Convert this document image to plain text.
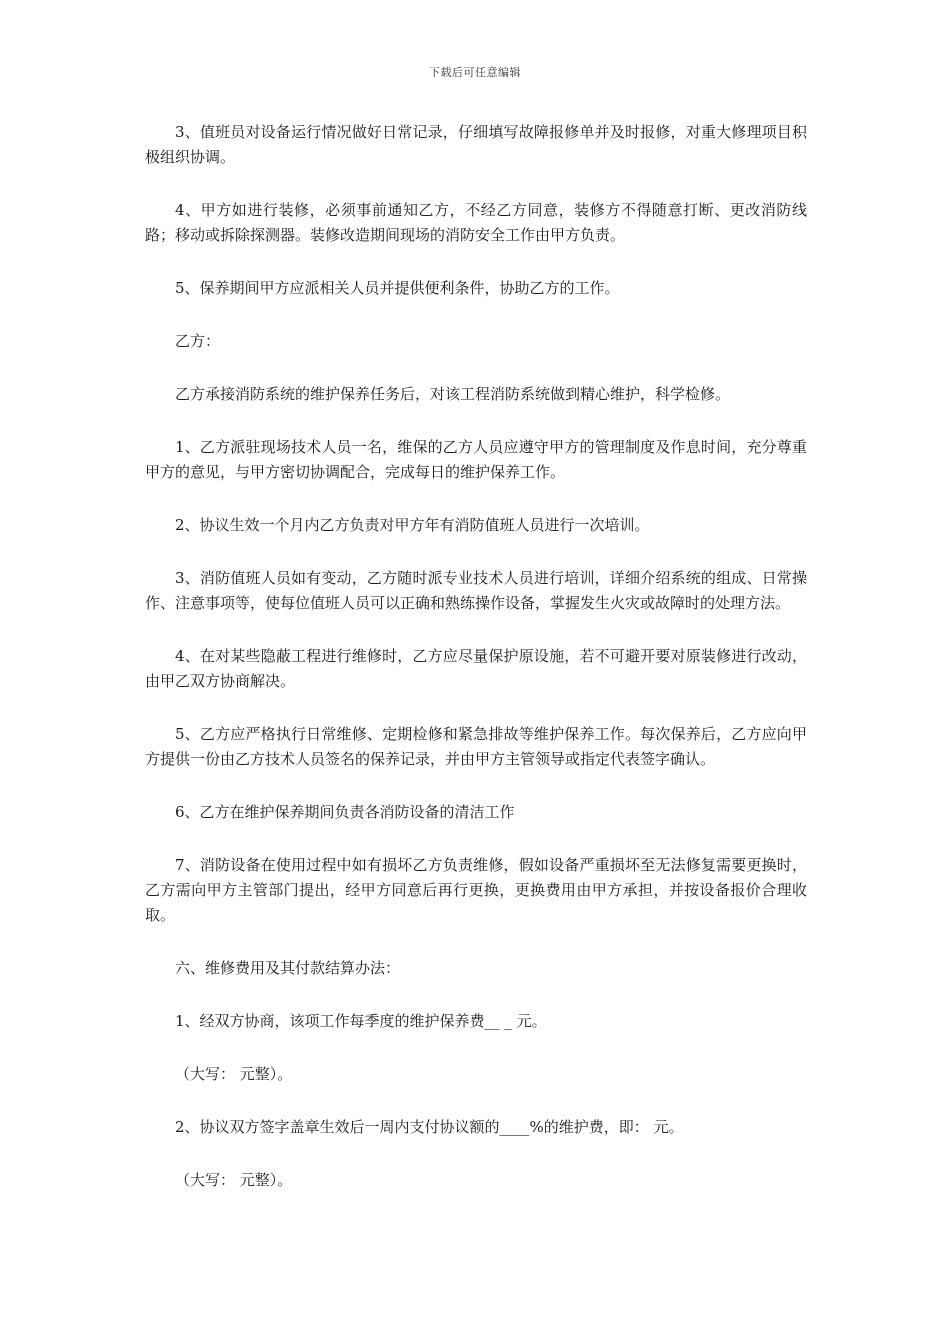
下载后可任意编辑

3、值班员对设备运行情况做好日常记录，仔细填写故障报修单并及时报修，对重大修理项目积极组织协调。

4、甲方如进行装修，必须事前通知乙方，不经乙方同意，装修方不得随意打断、更改消防线路；移动或拆除探测器。装修改造期间现场的消防安全工作由甲方负责。

5、保养期间甲方应派相关人员并提供便利条件，协助乙方的工作。

乙方：

乙方承接消防系统的维护保养任务后，对该工程消防系统做到精心维护，科学检修。

1、乙方派驻现场技术人员一名，维保的乙方人员应遵守甲方的管理制度及作息时间，充分尊重甲方的意见，与甲方密切协调配合，完成每日的维护保养工作。

2、协议生效一个月内乙方负责对甲方年有消防值班人员进行一次培训。

3、消防值班人员如有变动，乙方随时派专业技术人员进行培训，详细介绍系统的组成、日常操作、注意事项等，使每位值班人员可以正确和熟练操作设备，掌握发生火灾或故障时的处理方法。

4、在对某些隐蔽工程进行维修时，乙方应尽量保护原设施，若不可避开要对原装修进行改动，由甲乙双方协商解决。

5、乙方应严格执行日常维修、定期检修和紧急排故等维护保养工作。每次保养后，乙方应向甲方提供一份由乙方技术人员签名的保养记录，并由甲方主管领导或指定代表签字确认。

6、乙方在维护保养期间负责各消防设备的清洁工作

7、消防设备在使用过程中如有损坏乙方负责维修，假如设备严重损坏至无法修复需要更换时，乙方需向甲方主管部门提出，经甲方同意后再行更换，更换费用由甲方承担，并按设备报价合理收取。

六、维修费用及其付款结算办法：

1、经双方协商，该项工作每季度的维护保养费__ _ 元。

（大写： 元整）。

2、协议双方签字盖章生效后一周内支付协议额的____%的维护费，即： 元。

（大写： 元整）。
